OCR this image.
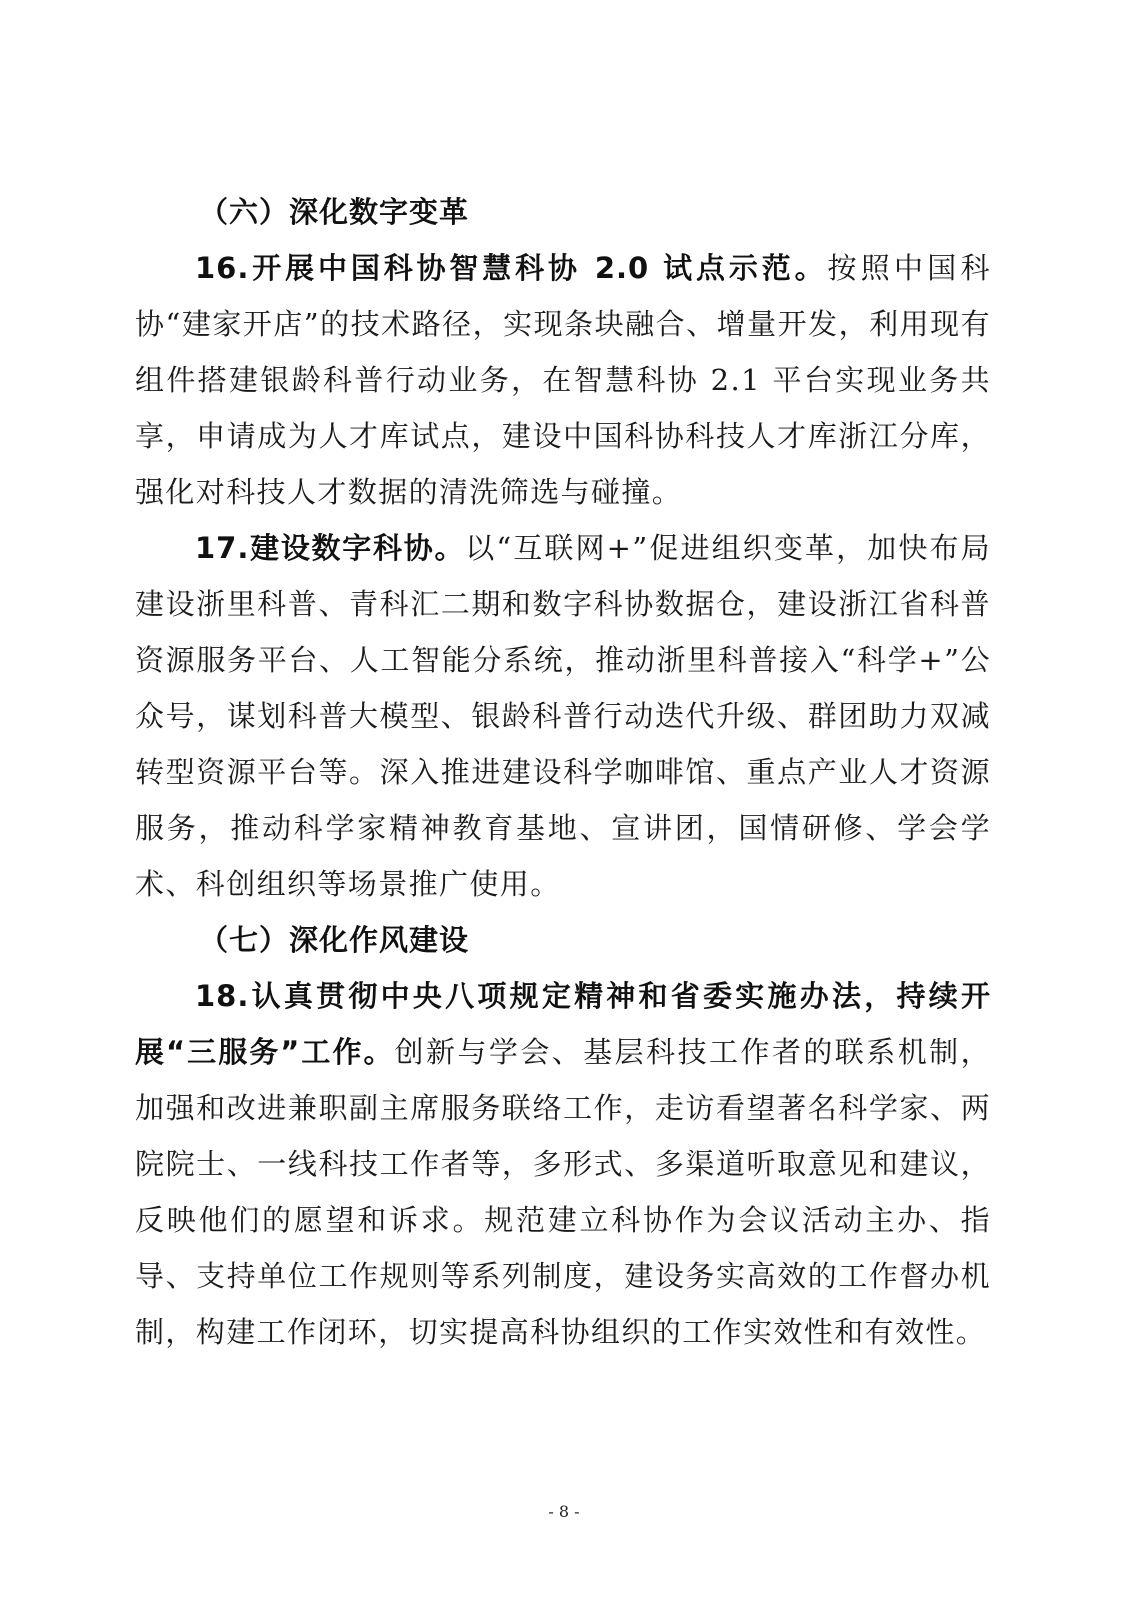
（六）深化数字变革

16.开展中国科协智慧科协 2.0 试点示范。按照中国科协“建家开店”的技术路径，实现条块融合、增量开发，利用现有组件搭建银龄科普行动业务，在智慧科协 2.1 平台实现业务共享，申请成为人才库试点，建设中国科协科技人才库浙江分库，强化对科技人才数据的清洗筛选与碰撞。

17.建设数字科协。以“互联网+”促进组织变革，加快布局建设浙里科普、青科汇二期和数字科协数据仓，建设浙江省科普资源服务平台、人工智能分系统，推动浙里科普接入“科学+”公众号，谋划科普大模型、银龄科普行动迭代升级、群团助力双减转型资源平台等。深入推进建设科学咖啡馆、重点产业人才资源服务，推动科学家精神教育基地、宣讲团，国情研修、学会学术、科创组织等场景推广使用。

（七）深化作风建设

18.认真贯彻中央八项规定精神和省委实施办法，持续开展“三服务”工作。创新与学会、基层科技工作者的联系机制，加强和改进兼职副主席服务联络工作，走访看望著名科学家、两院院士、一线科技工作者等，多形式、多渠道听取意见和建议，反映他们的愿望和诉求。规范建立科协作为会议活动主办、指导、支持单位工作规则等系列制度，建设务实高效的工作督办机制，构建工作闭环，切实提高科协组织的工作实效性和有效性。

- 8 -
